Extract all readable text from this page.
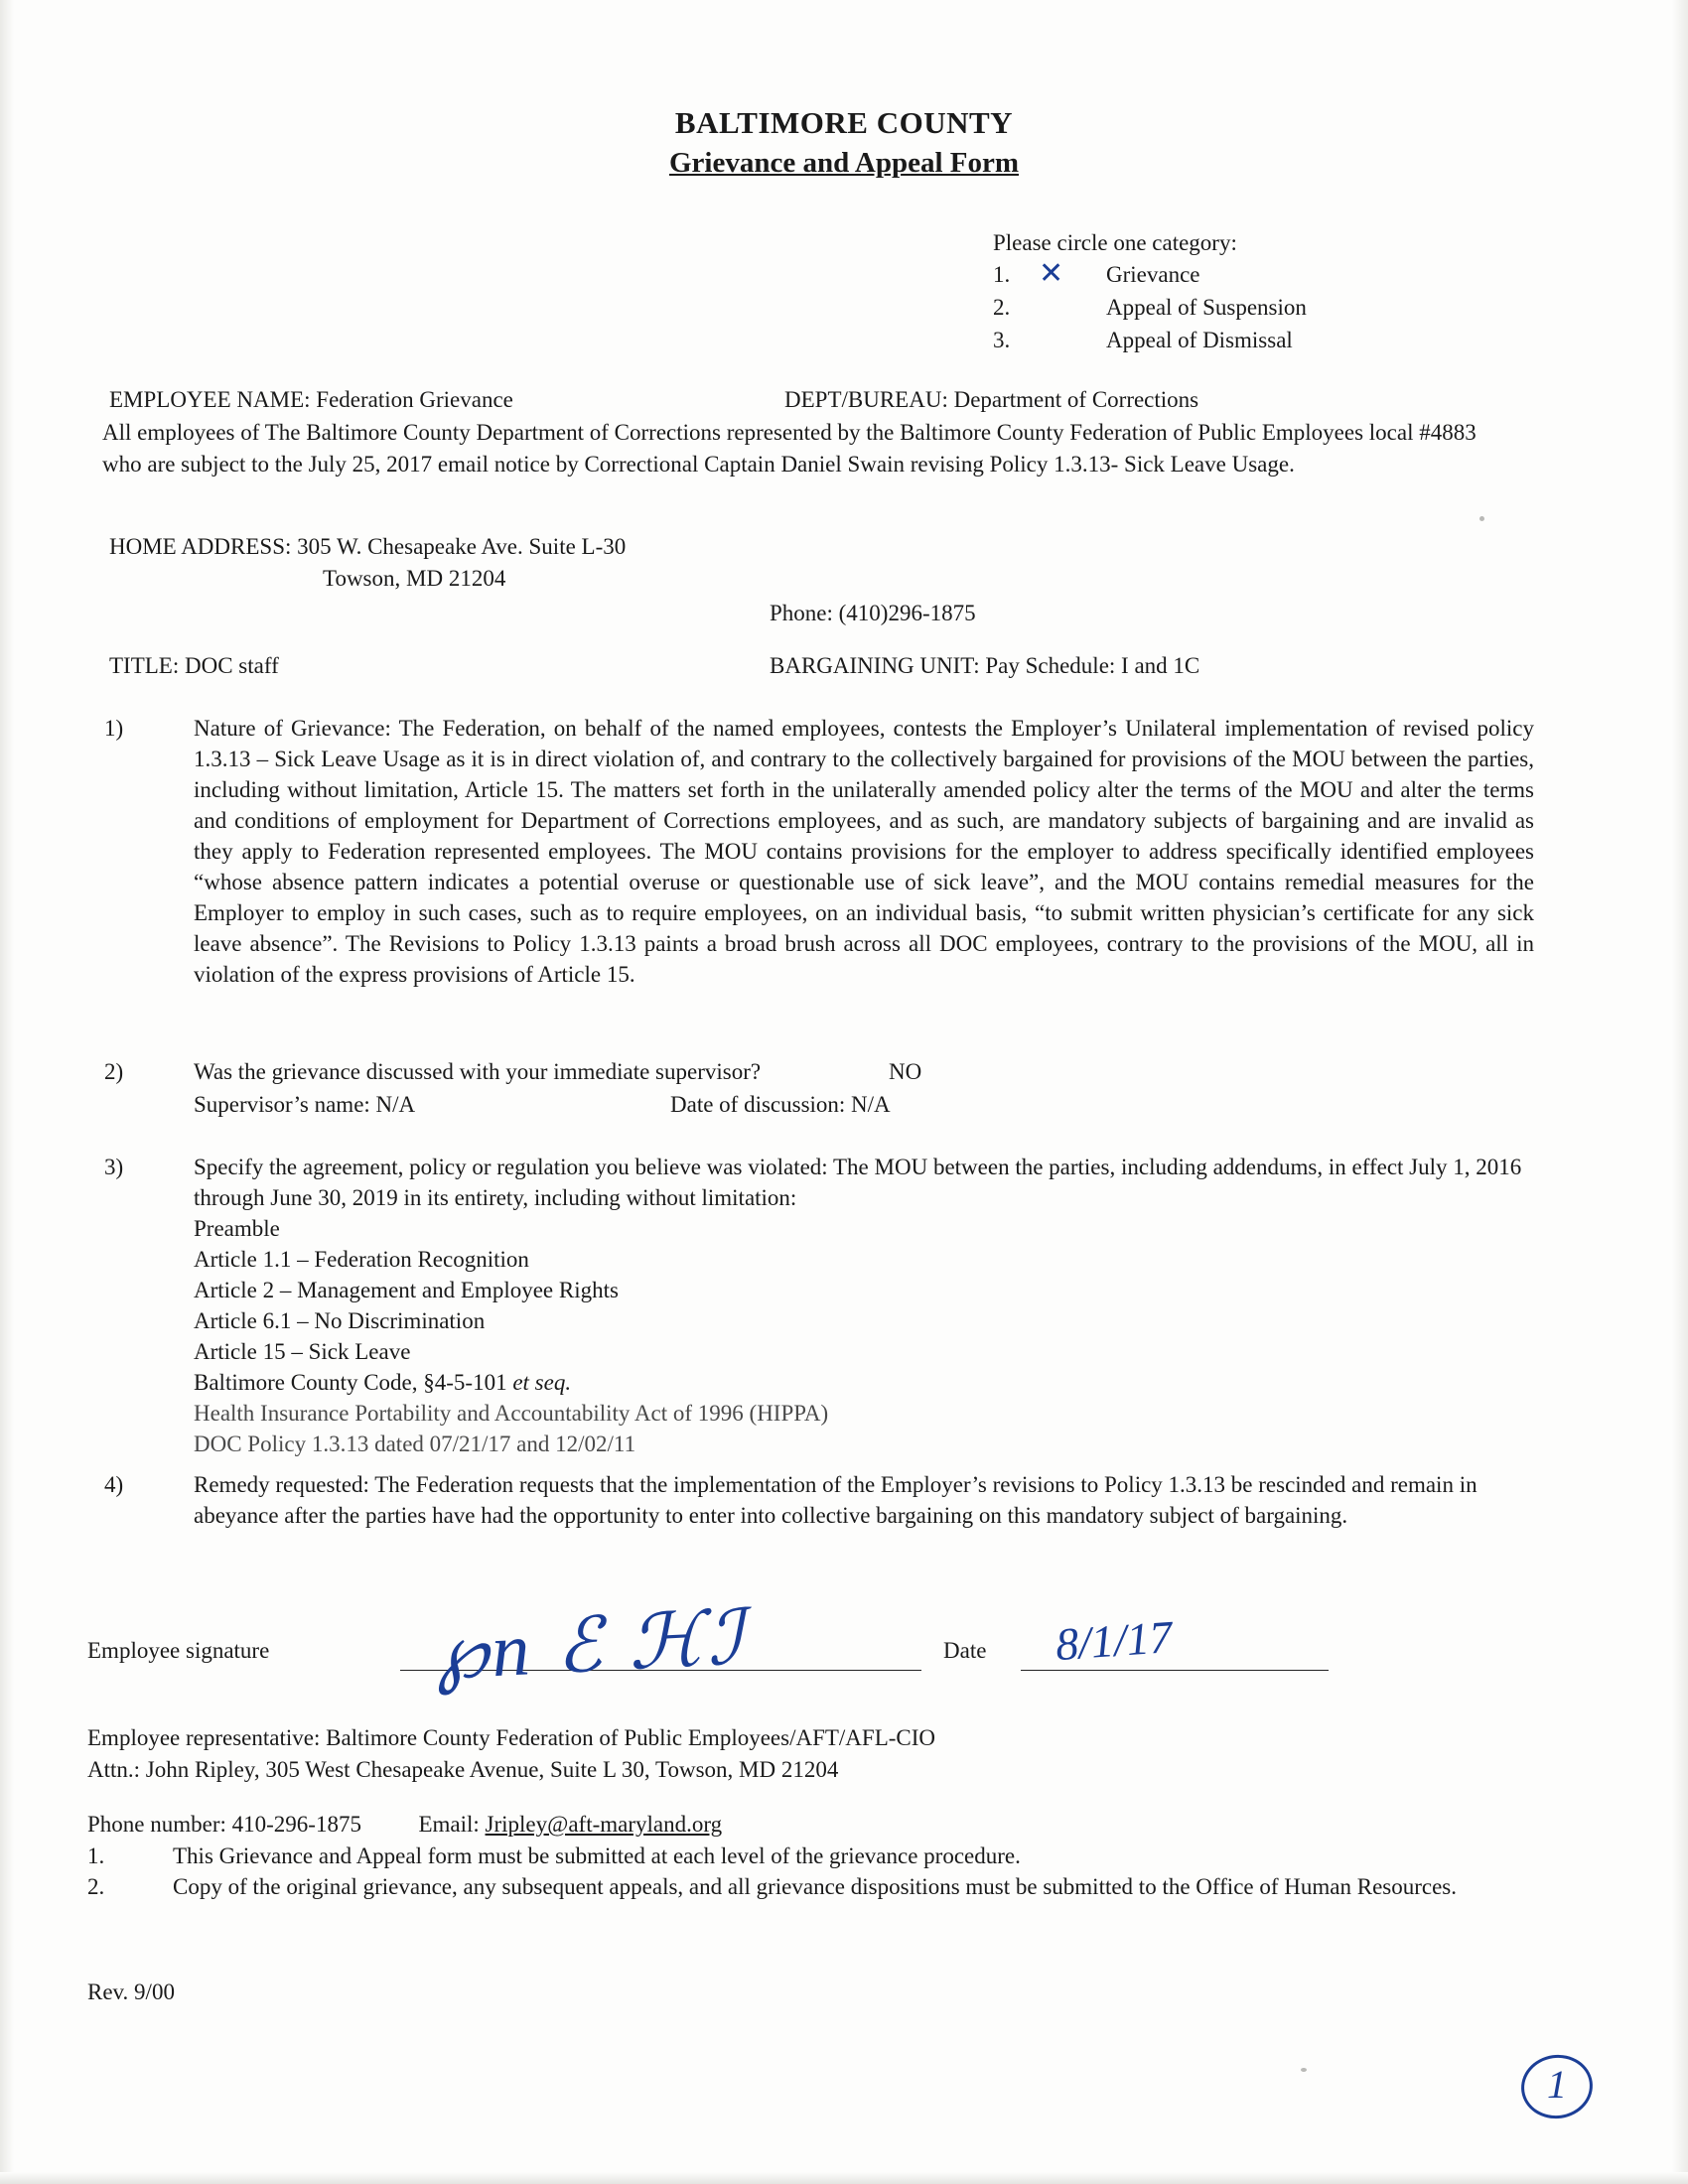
BALTIMORE COUNTY
Grievance and Appeal Form
Please circle one category:
1. ✕	Grievance
2.	Appeal of Suspension
3.	Appeal of Dismissal
EMPLOYEE NAME: Federation Grievance	DEPT/BUREAU: Department of Corrections
All employees of The Baltimore County Department of Corrections represented by the Baltimore County Federation of Public Employees local #4883 who are subject to the July 25, 2017 email notice by Correctional Captain Daniel Swain revising Policy 1.3.13- Sick Leave Usage.
HOME ADDRESS: 305 W. Chesapeake Ave. Suite L-30
Towson, MD 21204
Phone: (410)296-1875
TITLE: DOC staff	BARGAINING UNIT: Pay Schedule: I and 1C
1)	Nature of Grievance: The Federation, on behalf of the named employees, contests the Employer’s Unilateral implementation of revised policy 1.3.13 – Sick Leave Usage as it is in direct violation of, and contrary to the collectively bargained for provisions of the MOU between the parties, including without limitation, Article 15. The matters set forth in the unilaterally amended policy alter the terms of the MOU and alter the terms and conditions of employment for Department of Corrections employees, and as such, are mandatory subjects of bargaining and are invalid as they apply to Federation represented employees. The MOU contains provisions for the employer to address specifically identified employees “whose absence pattern indicates a potential overuse or questionable use of sick leave”, and the MOU contains remedial measures for the Employer to employ in such cases, such as to require employees, on an individual basis, “to submit written physician’s certificate for any sick leave absence”. The Revisions to Policy 1.3.13 paints a broad brush across all DOC employees, contrary to the provisions of the MOU, all in violation of the express provisions of Article 15.
2)	Was the grievance discussed with your immediate supervisor?	NO
Supervisor’s name: N/A	Date of discussion: N/A
3)	Specify the agreement, policy or regulation you believe was violated: The MOU between the parties, including addendums, in effect July 1, 2016 through June 30, 2019 in its entirety, including without limitation:
Preamble
Article 1.1 – Federation Recognition
Article 2 – Management and Employee Rights
Article 6.1 – No Discrimination
Article 15 – Sick Leave
Baltimore County Code, §4-5-101 et seq.
Health Insurance Portability and Accountability Act of 1996 (HIPPA)
DOC Policy 1.3.13 dated 07/21/17 and 12/02/11
4)	Remedy requested: The Federation requests that the implementation of the Employer’s revisions to Policy 1.3.13 be rescinded and remain in abeyance after the parties have had the opportunity to enter into collective bargaining on this mandatory subject of bargaining.
Employee signature ℘n ℰ ℋℐ	Date 8/1/17
Employee representative: Baltimore County Federation of Public Employees/AFT/AFL-CIO
Attn.: John Ripley, 305 West Chesapeake Avenue, Suite L 30, Towson, MD 21204
Phone number: 410-296-1875	Email: Jripley@aft-maryland.org
1.	This Grievance and Appeal form must be submitted at each level of the grievance procedure.
2.	Copy of the original grievance, any subsequent appeals, and all grievance dispositions must be submitted to the Office of Human Resources.
Rev. 9/00
1
